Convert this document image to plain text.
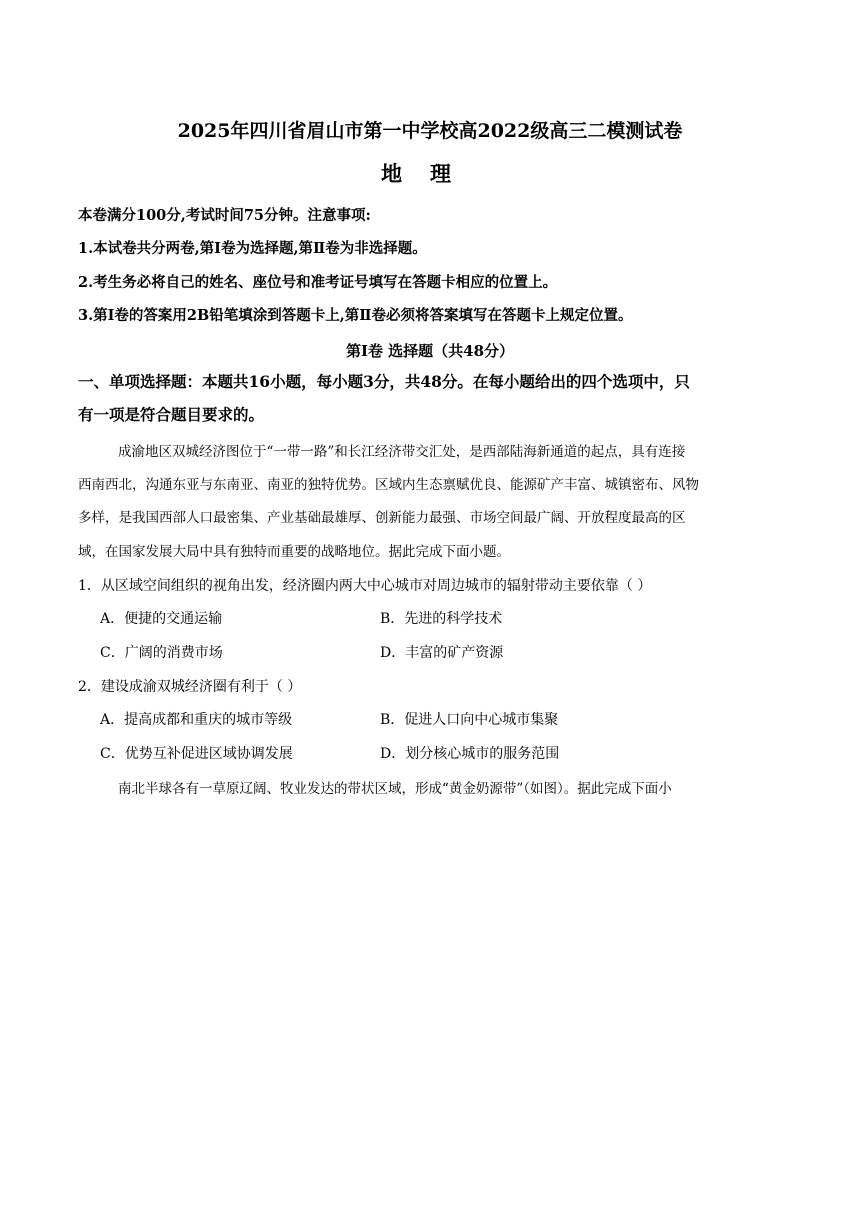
2025年四川省眉山市第一中学校高2022级高三二模测试卷
地理
本卷满分100分,考试时间75分钟。注意事项:
1.本试卷共分两卷,第Ⅰ卷为选择题,第Ⅱ卷为非选择题。
2.考生务必将自己的姓名、座位号和准考证号填写在答题卡相应的位置上。
3.第Ⅰ卷的答案用2B铅笔填涂到答题卡上,第Ⅱ卷必须将答案填写在答题卡上规定位置。
第Ⅰ卷 选择题（共48分）
一、单项选择题：本题共16小题，每小题3分，共48分。在每小题给出的四个选项中，只
有一项是符合题目要求的。
成渝地区双城经济图位于“一带一路”和长江经济带交汇处，是西部陆海新通道的起点，具有连接
西南西北，沟通东亚与东南亚、南亚的独特优势。区域内生态禀赋优良、能源矿产丰富、城镇密布、风物
多样，是我国西部人口最密集、产业基础最雄厚、创新能力最强、市场空间最广阔、开放程度最高的区
域，在国家发展大局中具有独特而重要的战略地位。据此完成下面小题。
1．从区域空间组织的视角出发，经济圈内两大中心城市对周边城市的辐射带动主要依靠（ ）
A．便捷的交通运输	B．先进的科学技术
C．广阔的消费市场	D．丰富的矿产资源
2．建设成渝双城经济圈有利于（ ）
A．提高成都和重庆的城市等级	B．促进人口向中心城市集聚
C．优势互补促进区域协调发展	D．划分核心城市的服务范围
南北半球各有一草原辽阔、牧业发达的带状区域，形成“黄金奶源带”（如图）。据此完成下面小
